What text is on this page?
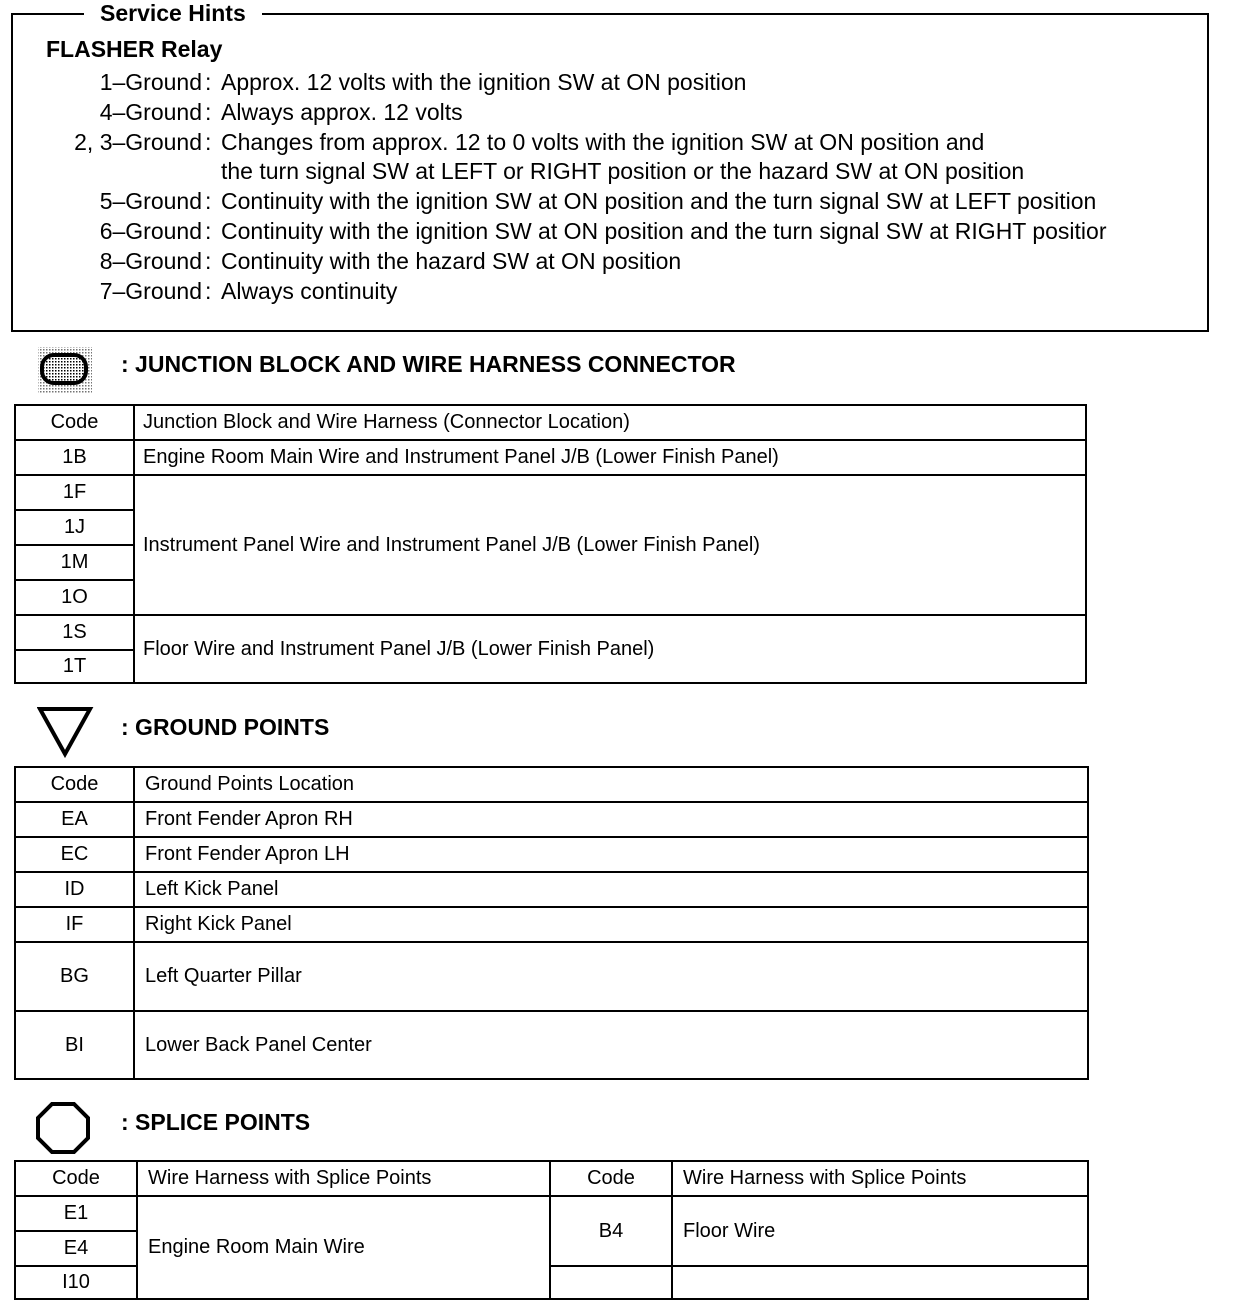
Service Hints
FLASHER Relay
1–Ground : Approx. 12 volts with the ignition SW at ON position
4–Ground : Always approx. 12 volts
2, 3–Ground : Changes from approx. 12 to 0 volts with the ignition SW at ON position and
the turn signal SW at LEFT or RIGHT position or the hazard SW at ON position
5–Ground : Continuity with the ignition SW at ON position and the turn signal SW at LEFT position
6–Ground : Continuity with the ignition SW at ON position and the turn signal SW at RIGHT positior
8–Ground : Continuity with the hazard SW at ON position
7–Ground : Always continuity
: JUNCTION BLOCK AND WIRE HARNESS CONNECTOR
Code	Junction Block and Wire Harness (Connector Location)
1B	Engine Room Main Wire and Instrument Panel J/B (Lower Finish Panel)
1F	Instrument Panel Wire and Instrument Panel J/B (Lower Finish Panel)
1J	
1M	
1O	
1S	Floor Wire and Instrument Panel J/B (Lower Finish Panel)
1T	
: GROUND POINTS
Code	Ground Points Location
EA	Front Fender Apron RH
EC	Front Fender Apron LH
ID	Left Kick Panel
IF	Right Kick Panel
BG	Left Quarter Pillar
BI	Lower Back Panel Center
: SPLICE POINTS
Code	Wire Harness with Splice Points	Code	Wire Harness with Splice Points
E1	Engine Room Main Wire	B4	Floor Wire
E4			
I10			
